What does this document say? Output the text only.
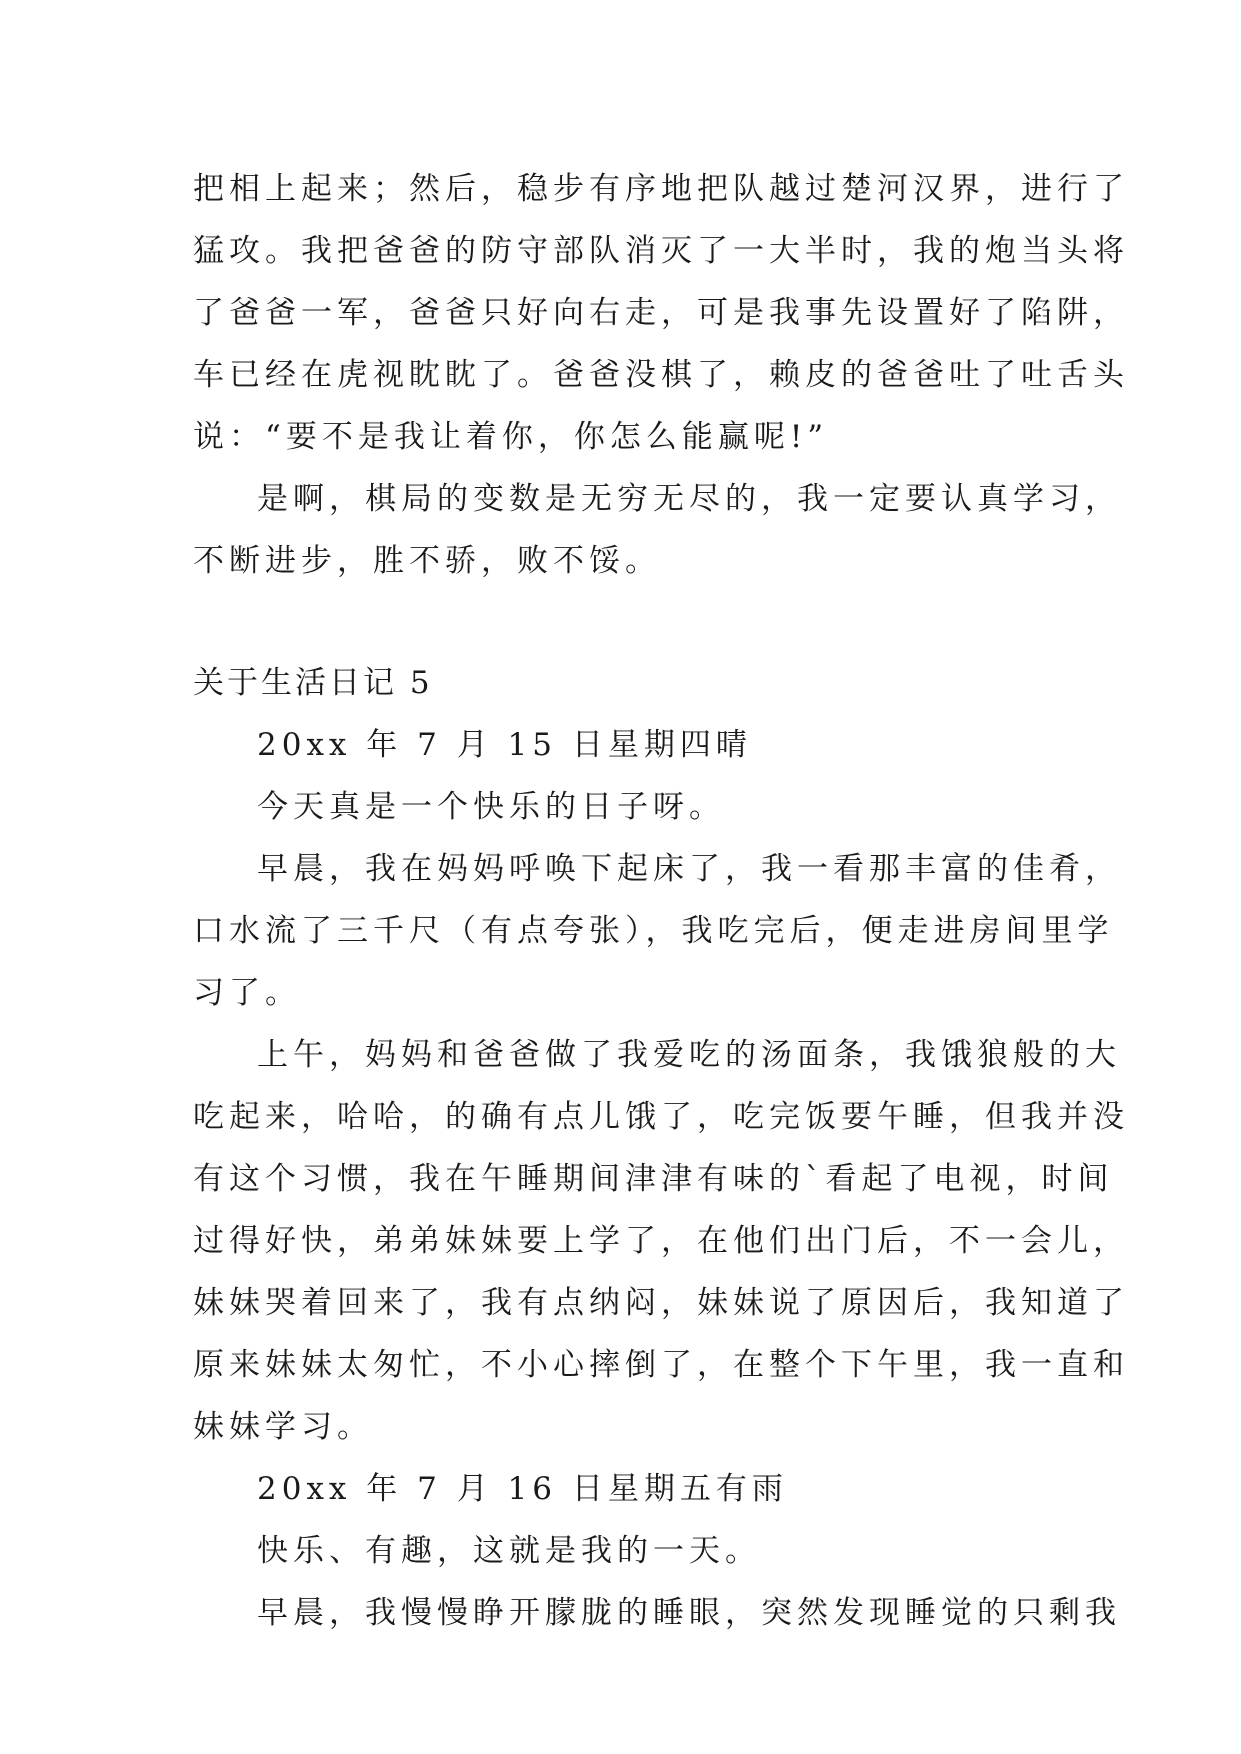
把相上起来；然后，稳步有序地把队越过楚河汉界，进行了
猛攻。我把爸爸的防守部队消灭了一大半时，我的炮当头将
了爸爸一军，爸爸只好向右走，可是我事先设置好了陷阱，
车已经在虎视眈眈了。爸爸没棋了，赖皮的爸爸吐了吐舌头
说：“要不是我让着你，你怎么能赢呢!”
是啊，棋局的变数是无穷无尽的，我一定要认真学习，
不断进步，胜不骄，败不馁。
关于生活日记 5
20xx 年 7 月 15 日星期四晴
今天真是一个快乐的日子呀。
早晨，我在妈妈呼唤下起床了，我一看那丰富的佳肴，
口水流了三千尺（有点夸张），我吃完后，便走进房间里学
习了。
上午，妈妈和爸爸做了我爱吃的汤面条，我饿狼般的大
吃起来，哈哈，的确有点儿饿了，吃完饭要午睡，但我并没
有这个习惯，我在午睡期间津津有味的`看起了电视，时间
过得好快，弟弟妹妹要上学了，在他们出门后，不一会儿，
妹妹哭着回来了，我有点纳闷，妹妹说了原因后，我知道了
原来妹妹太匆忙，不小心摔倒了，在整个下午里，我一直和
妹妹学习。
20xx 年 7 月 16 日星期五有雨
快乐、有趣，这就是我的一天。
早晨，我慢慢睁开朦胧的睡眼，突然发现睡觉的只剩我
